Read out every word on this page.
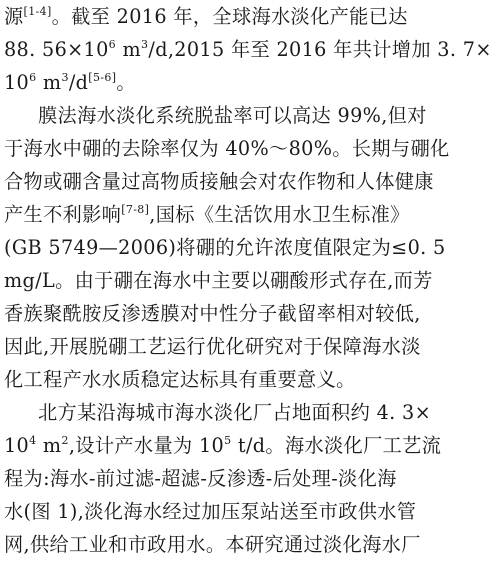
源[1-4]。截至 2016 年，全球海水淡化产能已达
88. $56\times 10^6$ $m^3/d,2015$ 年至 2016 年共计增加 3. 7×
$10^6$ $m^3/d[5-6]$。
膜法海水淡化系统脱盐率可以高达 99%,但对
于海水中硼的去除率仅为 40%～80%。长期与硼化
合物或硼含量过高物质接触会对农作物和人体健康
产生不利影响[7-8],国标《生活饮用水卫生标准》
(GB 5749—2006)将硼的允许浓度值限定为≤0. 5
mg/L。由于硼在海水中主要以硼酸形式存在,而芳
香族聚酰胺反渗透膜对中性分子截留率相对较低,
因此,开展脱硼工艺运行优化研究对于保障海水淡
化工程产水水质稳定达标具有重要意义。
北方某沿海城市海水淡化厂占地面积约 4. 3×
$10^4$ $m^2$,设计产水量为 $10^5$ t/d。海水淡化厂工艺流
程为:海水-前过滤-超滤-反渗透-后处理-淡化海
水(图 1),淡化海水经过加压泵站送至市政供水管
网,供给工业和市政用水。本研究通过淡化海水厂
